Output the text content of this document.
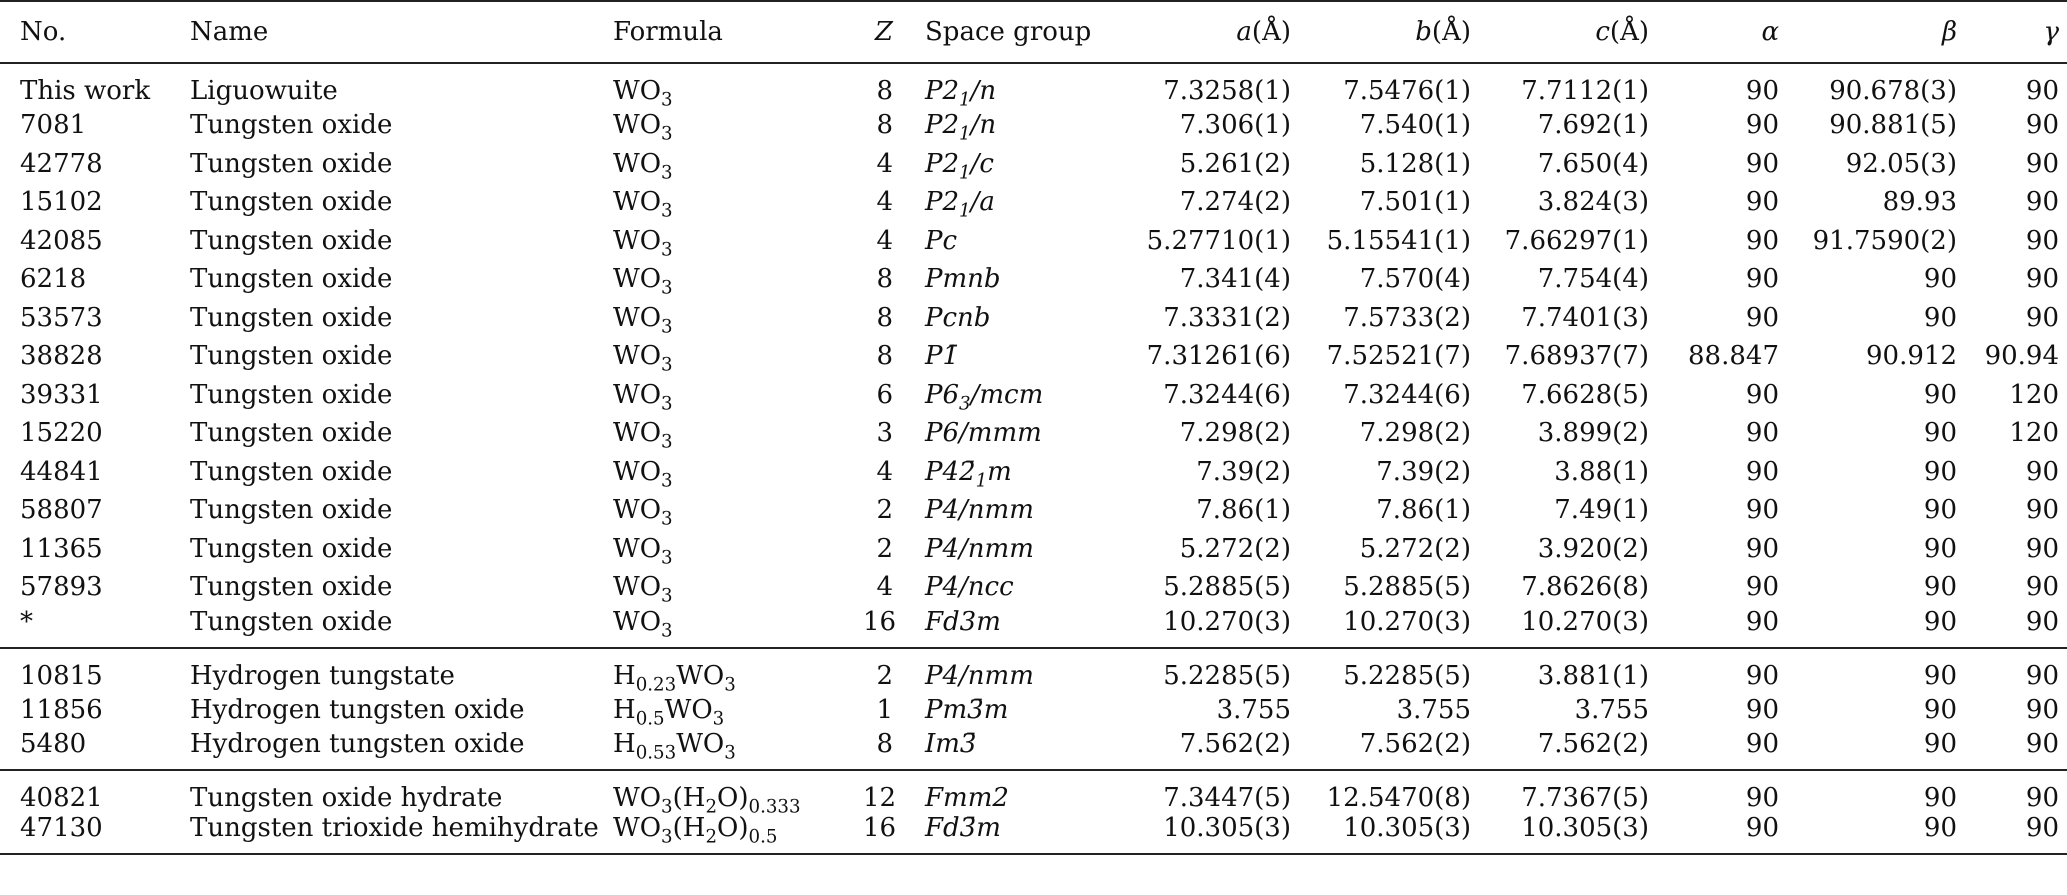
No.	Name	Formula	Z	Space group	a(Å)	b(Å)	c(Å)	α	β	γ
This work	Liguowuite	$WO_3$	8	$P2_1/n$	7.3258(1)	7.5476(1)	7.7112(1)	90	90.678(3)	90
7081	Tungsten oxide	$WO_3$	8	$P2_1/n$	7.306(1)	7.540(1)	7.692(1)	90	90.881(5)	90
42778	Tungsten oxide	$WO_3$	4	$P2_1/c$	5.261(2)	5.128(1)	7.650(4)	90	92.05(3)	90
15102	Tungsten oxide	$WO_3$	4	$P2_1/a$	7.274(2)	7.501(1)	3.824(3)	90	89.93	90
42085	Tungsten oxide	$WO_3$	4	Pc	5.27710(1)	5.15541(1)	7.66297(1)	90	91.7590(2)	90
6218	Tungsten oxide	$WO_3$	8	Pmnb	7.341(4)	7.570(4)	7.754(4)	90	90	90
53573	Tungsten oxide	$WO_3$	8	Pcnb	7.3331(2)	7.5733(2)	7.7401(3)	90	90	90
38828	Tungsten oxide	$WO_3$	8	P1̄	7.31261(6)	7.52521(7)	7.68937(7)	88.847	90.912	90.94
39331	Tungsten oxide	$WO_3$	6	$P6_3$/mcm	7.3244(6)	7.3244(6)	7.6628(5)	90	90	120
15220	Tungsten oxide	$WO_3$	3	P6/mmm	7.298(2)	7.298(2)	3.899(2)	90	90	120
44841	Tungsten oxide	$WO_3$	4	$P42̄_1m$	7.39(2)	7.39(2)	3.88(1)	90	90	90
58807	Tungsten oxide	$WO_3$	2	P4/nmm	7.86(1)	7.86(1)	7.49(1)	90	90	90
11365	Tungsten oxide	$WO_3$	2	P4/nmm	5.272(2)	5.272(2)	3.920(2)	90	90	90
57893	Tungsten oxide	$WO_3$	4	P4/ncc	5.2885(5)	5.2885(5)	7.8626(8)	90	90	90
*	Tungsten oxide	$WO_3$	16	Fd3m	10.270(3)	10.270(3)	10.270(3)	90	90	90
10815	Hydrogen tungstate	$H_{0.23}WO_3$	2	P4/nmm	5.2285(5)	5.2285(5)	3.881(1)	90	90	90
11856	Hydrogen tungsten oxide	$H_{0.5}WO_3$	1	Pm3̄m	3.755	3.755	3.755	90	90	90
5480	Hydrogen tungsten oxide	$H_{0.53}WO_3$	8	Im3̄	7.562(2)	7.562(2)	7.562(2)	90	90	90
40821	Tungsten oxide hydrate	$WO_3(H_2O)_{0.333}$	12	Fmm2	7.3447(5)	12.5470(8)	7.7367(5)	90	90	90
47130	Tungsten trioxide hemihydrate	$WO_3(H_2O)_{0.5}$	16	Fd3̄m	10.305(3)	10.305(3)	10.305(3)	90	90	90
